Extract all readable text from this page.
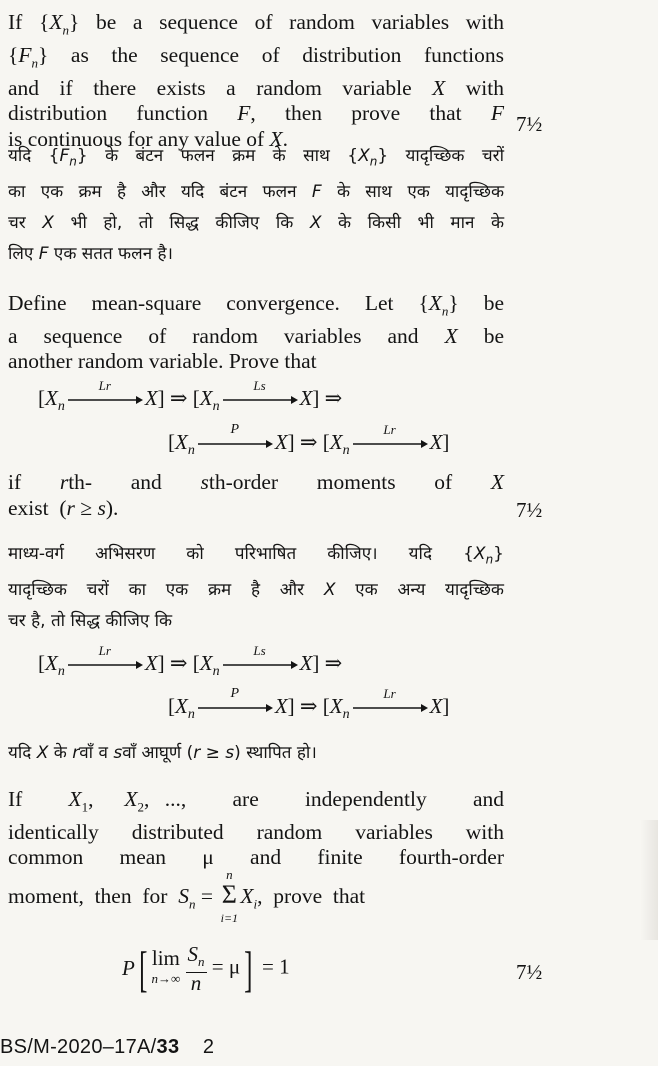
If $\{X_n\}$ be a sequence of random variables with
$\{F_n\}$ as the sequence of distribution functions
and if there exists a random variable X with
distribution function F, then prove that F
is continuous for any value of X.
7½
यदि $\{F_n\}$ के बंटन फलन क्रम के साथ $\{X_n\}$ यादृच्छिक चरों
का एक क्रम है और यदि बंटन फलन F के साथ एक यादृच्छिक
चर X भी हो, तो सिद्ध कीजिए कि X के किसी भी मान के
लिए F एक सतत फलन है।
Define mean-square convergence. Let $\{X_n\}$ be
a sequence of random variables and X be
another random variable. Prove that
[$X_n$
Lr
X] ⇒ [$X_n$
Ls
X] ⇒
[$X_n$
P
X] ⇒ [$X_n$
Lr
X]
if  rth-  and  sth-order  moments  of  X
exist  (r ≥ s).	7½
माध्य-वर्ग अभिसरण को परिभाषित कीजिए। यदि $\{X_n\}$
यादृच्छिक चरों का एक क्रम है और X एक अन्य यादृच्छिक
चर है, तो सिद्ध कीजिए कि
[$X_n$
Lr
X] ⇒ [$X_n$
Ls
X] ⇒
[$X_n$
P
X] ⇒ [$X_n$
Lr
X]
यदि X के rवाँ व sवाँ आघूर्ण (r ≥ s) स्थापित हो।
If   $X_1$,  $X_2$, ...,   are   independently   and
identically distributed random variables with
common  mean  μ  and  finite  fourth-order
moment,  then  for  $S_n$ =
n
Σ
i=1
$X_i$,  prove  that
P[ lim
$n\to\infty \frac{S_n}{n} = \mu] = 1$	7½
BS/M-2020–17A/33 2
